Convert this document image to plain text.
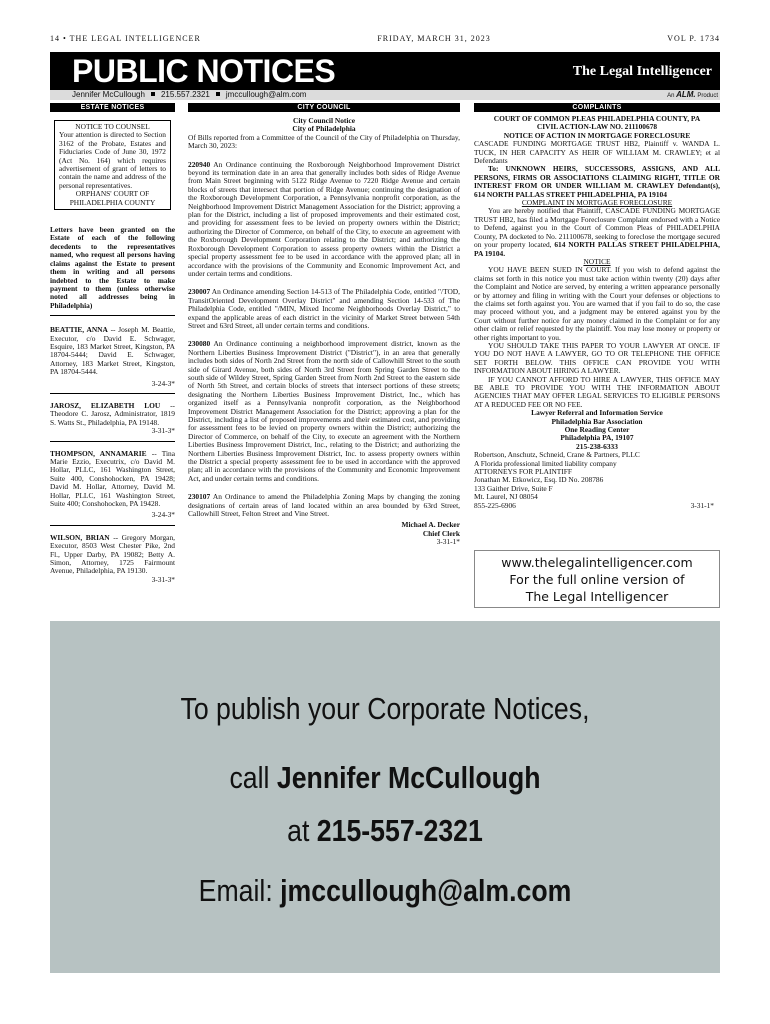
14 • THE LEGAL INTELLIGENCER	FRIDAY, MARCH 31, 2023	VOL P. 1734
PUBLIC NOTICES	The Legal Intelligencer
Jennifer McCullough 215.557.2321 jmccullough@alm.com	An ALM. Product
ESTATE NOTICES
NOTICE TO COUNSEL
Your attention is directed to Section 3162 of the Probate, Estates and Fiduciaries Code of June 30, 1972 (Act No. 164) which requires advertisement of grant of letters to contain the name and address of the personal representatives.
ORPHANS' COURT OF PHILADELPHIA COUNTY
Letters have been granted on the Estate of each of the following decedents to the representatives named, who request all persons having claims against the Estate to present them in writing and all persons indebted to the Estate to make payment to them (unless otherwise noted all addresses being in Philadelphia)
BEATTIE, ANNA -- Joseph M. Beattie, Executor, c/o David E. Schwager, Esquire, 183 Market Street, Kingston, PA 18704-5444; David E. Schwager, Attorney, 183 Market Street, Kingston, PA 18704-5444.
3-24-3*
JAROSZ, ELIZABETH LOU -- Theodore C. Jarosz, Administrator, 1819 S. Watts St., Philadelphia, PA 19148.
3-31-3*
THOMPSON, ANNAMARIE -- Tina Marie Ezzio, Executrix, c/o David M. Hollar, PLLC, 161 Washington Street, Suite 400, Conshohocken, PA 19428; David M. Hollar, Attorney, David M. Hollar, PLLC, 161 Washington Street, Suite 400; Conshohocken, PA 19428.
3-24-3*
WILSON, BRIAN -- Gregory Morgan, Executor, 8503 West Chester Pike, 2nd Fl., Upper Darby, PA 19082; Betty A. Simon, Attorney, 1725 Fairmount Avenue, Philadelphia, PA 19130.
3-31-3*
CITY COUNCIL
City Council Notice
City of Philadelphia
Of Bills reported from a Committee of the Council of the City of Philadelphia on Thursday, March 30, 2023:
220940 An Ordinance continuing the Roxborough Neighborhood Improvement District beyond its termination date in an area that generally includes both sides of Ridge Avenue from Main Street beginning with 5122 Ridge Avenue to 7220 Ridge Avenue and certain blocks of streets that intersect that portion of Ridge Avenue; continuing the designation of the Roxborough Development Corporation, a Pennsylvania nonprofit corporation, as the Neighborhood Improvement District Management Association for the District; approving a plan for the District, including a list of proposed improvements and their estimated cost, and providing for assessment fees to be levied on property owners within the District; authorizing the Director of Commerce, on behalf of the City, to execute an agreement with the Roxborough Development Corporation relating to the District; and authorizing the Roxborough Development Corporation to assess property owners within the District a special property assessment fee to be used in accordance with the approved plan; all in accordance with the provisions of the Community and Economic Improvement Act, and under certain terms and conditions.
230007 An Ordinance amending Section 14-513 of The Philadelphia Code, entitled "/TOD, TransitOriented Development Overlay District" and amending Section 14-533 of The Philadelphia Code, entitled "/MIN, Mixed Income Neighborhoods Overlay District," to expand the applicable areas of each district in the vicinity of Market Street between 54th Street and 63rd Street, all under certain terms and conditions.
230080 An Ordinance continuing a neighborhood improvement district, known as the Northern Liberties Business Improvement District ("District"), in an area that generally includes both sides of North 2nd Street from the north side of Callowhill Street to the south side of Girard Avenue, both sides of North 3rd Street from Spring Garden Street to the south side of Wildey Street, Spring Garden Street from North 2nd Street to the eastern side of North 5th Street, and certain blocks of streets that intersect portions of these streets; designating the Northern Liberties Business Improvement District, Inc., which has organized itself as a Pennsylvania nonprofit corporation, as the Neighborhood Improvement District Management Association for the District; approving a plan for the District, including a list of proposed improvements and their estimated cost, and providing for assessment fees to be levied on property owners within the District; authorizing the Director of Commerce, on behalf of the City, to execute an agreement with the Northern Liberties Business Improvement District, Inc., relating to the District; and authorizing the Northern Liberties Business Improvement District, Inc. to assess property owners within the District a special property assessment fee to be used in accordance with the approved plan; all in accordance with the provisions of the Community and Economic Improvement Act, and under certain terms and conditions.
230107 An Ordinance to amend the Philadelphia Zoning Maps by changing the zoning designations of certain areas of land located within an area bounded by 63rd Street, Callowhill Street, Felton Street and Vine Street.
Michael A. Decker
Chief Clerk
3-31-1*
COMPLAINTS
COURT OF COMMON PLEAS PHILADELPHIA COUNTY, PA
CIVIL ACTION-LAW NO. 211100678
NOTICE OF ACTION IN MORTGAGE FORECLOSURE
CASCADE FUNDING MORTGAGE TRUST HB2, Plaintiff v. WANDA L. TUCK, IN HER CAPACITY AS HEIR OF WILLIAM M. CRAWLEY; et al Defendants
To: UNKNOWN HEIRS, SUCCESSORS, ASSIGNS, AND ALL PERSONS, FIRMS OR ASSOCIATIONS CLAIMING RIGHT, TITLE OR INTEREST FROM OR UNDER WILLIAM M. CRAWLEY Defendant(s), 614 NORTH PALLAS STREET PHILADELPHIA, PA 19104
COMPLAINT IN MORTGAGE FORECLOSURE
You are hereby notified that Plaintiff, CASCADE FUNDING MORTGAGE TRUST HB2, has filed a Mortgage Foreclosure Complaint endorsed with a Notice to Defend, against you in the Court of Common Pleas of PHILADELPHIA County, PA docketed to No. 211100678, seeking to foreclose the mortgage secured on your property located, 614 NORTH PALLAS STREET PHILADELPHIA, PA 19104.
NOTICE
YOU HAVE BEEN SUED IN COURT. If you wish to defend against the claims set forth in this notice you must take action within twenty (20) days after the Complaint and Notice are served, by entering a written appearance personally or by attorney and filing in writing with the Court your defenses or objections to the claims set forth against you. You are warned that if you fail to do so, the case may proceed without you, and a judgment may be entered against you by the Court without further notice for any money claimed in the Complaint or for any other claim or relief requested by the plaintiff. You may lose money or property or other rights important to you.
YOU SHOULD TAKE THIS PAPER TO YOUR LAWYER AT ONCE. IF YOU DO NOT HAVE A LAWYER, GO TO OR TELEPHONE THE OFFICE SET FORTH BELOW. THIS OFFICE CAN PROVIDE YOU WITH INFORMATION ABOUT HIRING A LAWYER.
IF YOU CANNOT AFFORD TO HIRE A LAWYER, THIS OFFICE MAY BE ABLE TO PROVIDE YOU WITH THE INFORMATION ABOUT AGENCIES THAT MAY OFFER LEGAL SERVICES TO ELIGIBLE PERSONS AT A REDUCED FEE OR NO FEE.
Lawyer Referral and Information Service
Philadelphia Bar Association
One Reading Center
Philadelphia PA, 19107
215-238-6333
Robertson, Anschutz, Schneid, Crane & Partners, PLLC
A Florida professional limited liability company
ATTORNEYS FOR PLAINTIFF
Jonathan M. Etkowicz, Esq. ID No. 208786
133 Gaither Drive, Suite F
Mt. Laurel, NJ 08054
855-225-6906	3-31-1*
www.thelegalintelligencer.com
For the full online version of
The Legal Intelligencer
To publish your Corporate Notices,
call Jennifer McCullough
at 215-557-2321
Email: jmccullough@alm.com
